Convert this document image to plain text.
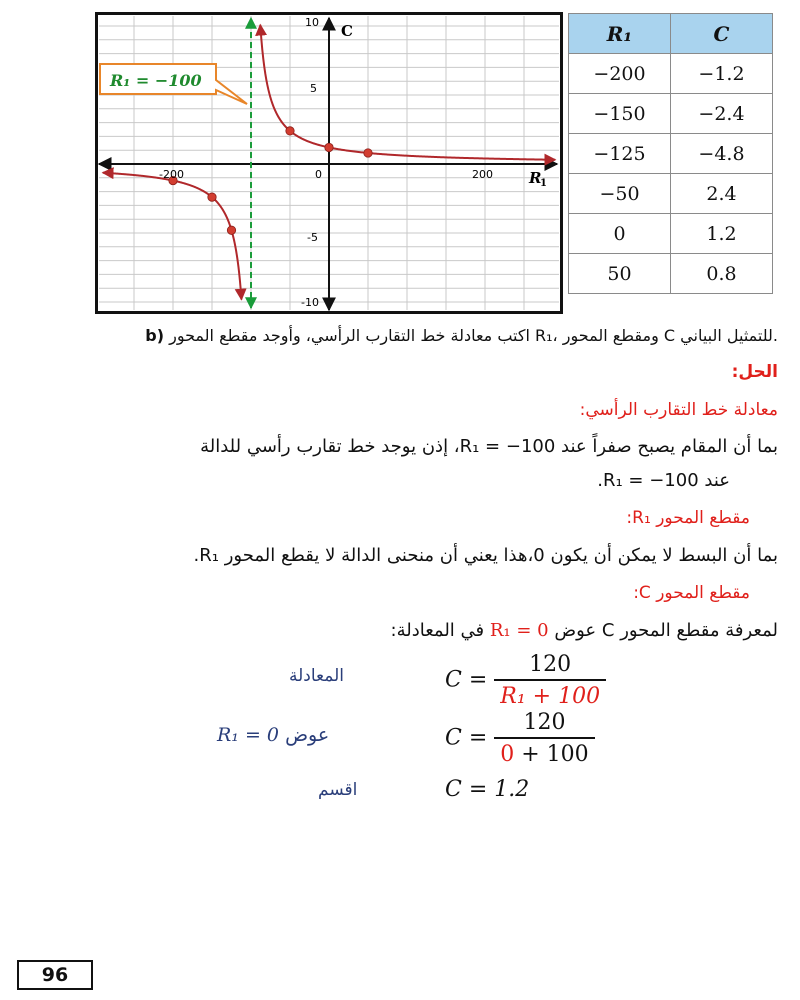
10
5
-5
-10
-200	0	200
C
R
1
R₁ = −100
R₁	C
−200	−1.2
−150	−2.4
−125	−4.8
−50	2.4
0	1.2
50	0.8
b) اكتب معادلة خط التقارب الرأسي، وأوجد مقطع المحور R₁، ومقطع المحور C للتمثيل البياني.
الحل:
معادلة خط التقارب الرأسي:
بما أن المقام يصبح صفراً عند R₁ = −100، إذن يوجد خط تقارب رأسي للدالة
عند R₁ = −100.
مقطع المحور R₁:
بما أن البسط لا يمكن أن يكون 0،هذا يعني أن منحنى الدالة لا يقطع المحور R₁.
مقطع المحور C:
لمعرفة مقطع المحور C عوض R₁ = 0 في المعادلة:
المعادلة	$C = \frac{120}{\text{R₁ + 100}}$
R₁ = 0 عوض	$C = \frac{120}{0 + 100}$
اقسم	C = 1.2
96
